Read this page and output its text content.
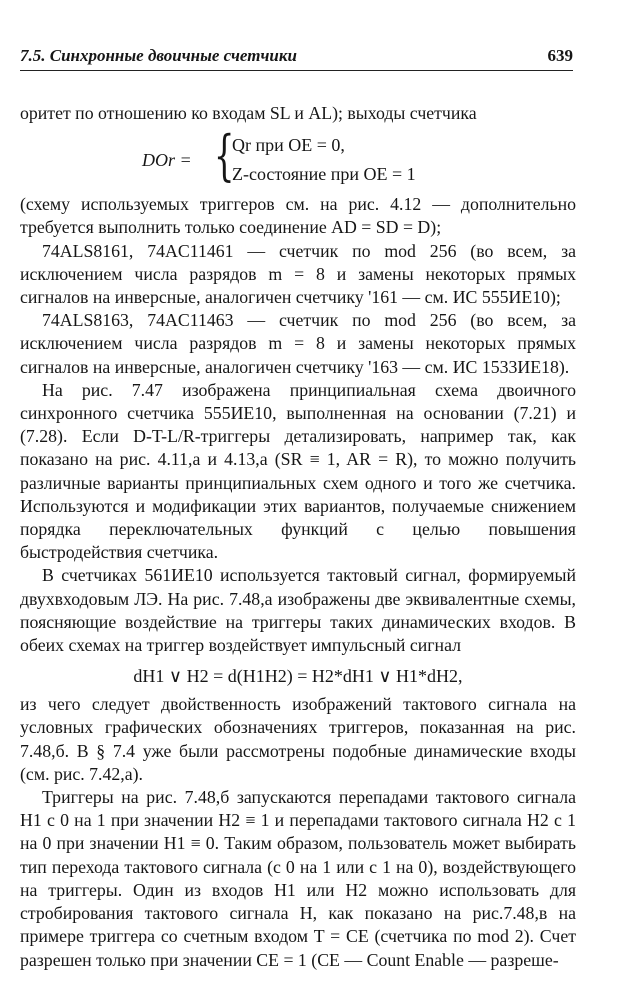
7.5. Синхронные двоичные счетчики	639

оритет по отношению ко входам SL и AL); выходы счетчика

DOr = {
Qr при OE = 0,
Z-состояние при OE = 1

(схему используемых триггеров см. на рис. 4.12 — дополнительно требуется выполнить только соединение AD = SD = D);

74ALS8161, 74AC11461 — счетчик по mod 256 (во всем, за исключением числа разрядов m = 8 и замены некоторых прямых сигналов на инверсные, аналогичен счетчику '161 — см. ИС 555ИЕ10);

74ALS8163, 74AC11463 — счетчик по mod 256 (во всем, за исключением числа разрядов m = 8 и замены некоторых прямых сигналов на инверсные, аналогичен счетчику '163 — см. ИС 1533ИЕ18).

На рис. 7.47 изображена принципиальная схема двоичного синхронного счетчика 555ИЕ10, выполненная на основании (7.21) и (7.28). Если D-T-L/R-триггеры детализировать, например так, как показано на рис. 4.11,а и 4.13,а (SR ≡ 1, AR = R), то можно получить различные варианты принципиальных схем одного и того же счетчика. Используются и модификации этих вариантов, получаемые снижением порядка переключательных функций с целью повышения быстродействия счетчика.

В счетчиках 561ИЕ10 используется тактовый сигнал, формируемый двухвходовым ЛЭ. На рис. 7.48,а изображены две эквивалентные схемы, поясняющие воздействие на триггеры таких динамических входов. В обеих схемах на триггер воздействует импульсный сигнал

dH1 ∨ H2 = d(H1H2) = H2*dH1 ∨ H1*dH2,

из чего следует двойственность изображений тактового сигнала на условных графических обозначениях триггеров, показанная на рис. 7.48,б. В § 7.4 уже были рассмотрены подобные динамические входы (см. рис. 7.42,а).

Триггеры на рис. 7.48,б запускаются перепадами тактового сигнала H1 с 0 на 1 при значении H2 ≡ 1 и перепадами тактового сигнала H2 с 1 на 0 при значении H1 ≡ 0. Таким образом, пользователь может выбирать тип перехода тактового сигнала (с 0 на 1 или с 1 на 0), воздействующего на триггеры. Один из входов H1 или H2 можно использовать для стробирования тактового сигнала H, как показано на рис.7.48,в на примере триггера со счетным входом T = CE (счетчика по mod 2). Счет разрешен только при значении CE = 1 (CE — Count Enable — разреше-
